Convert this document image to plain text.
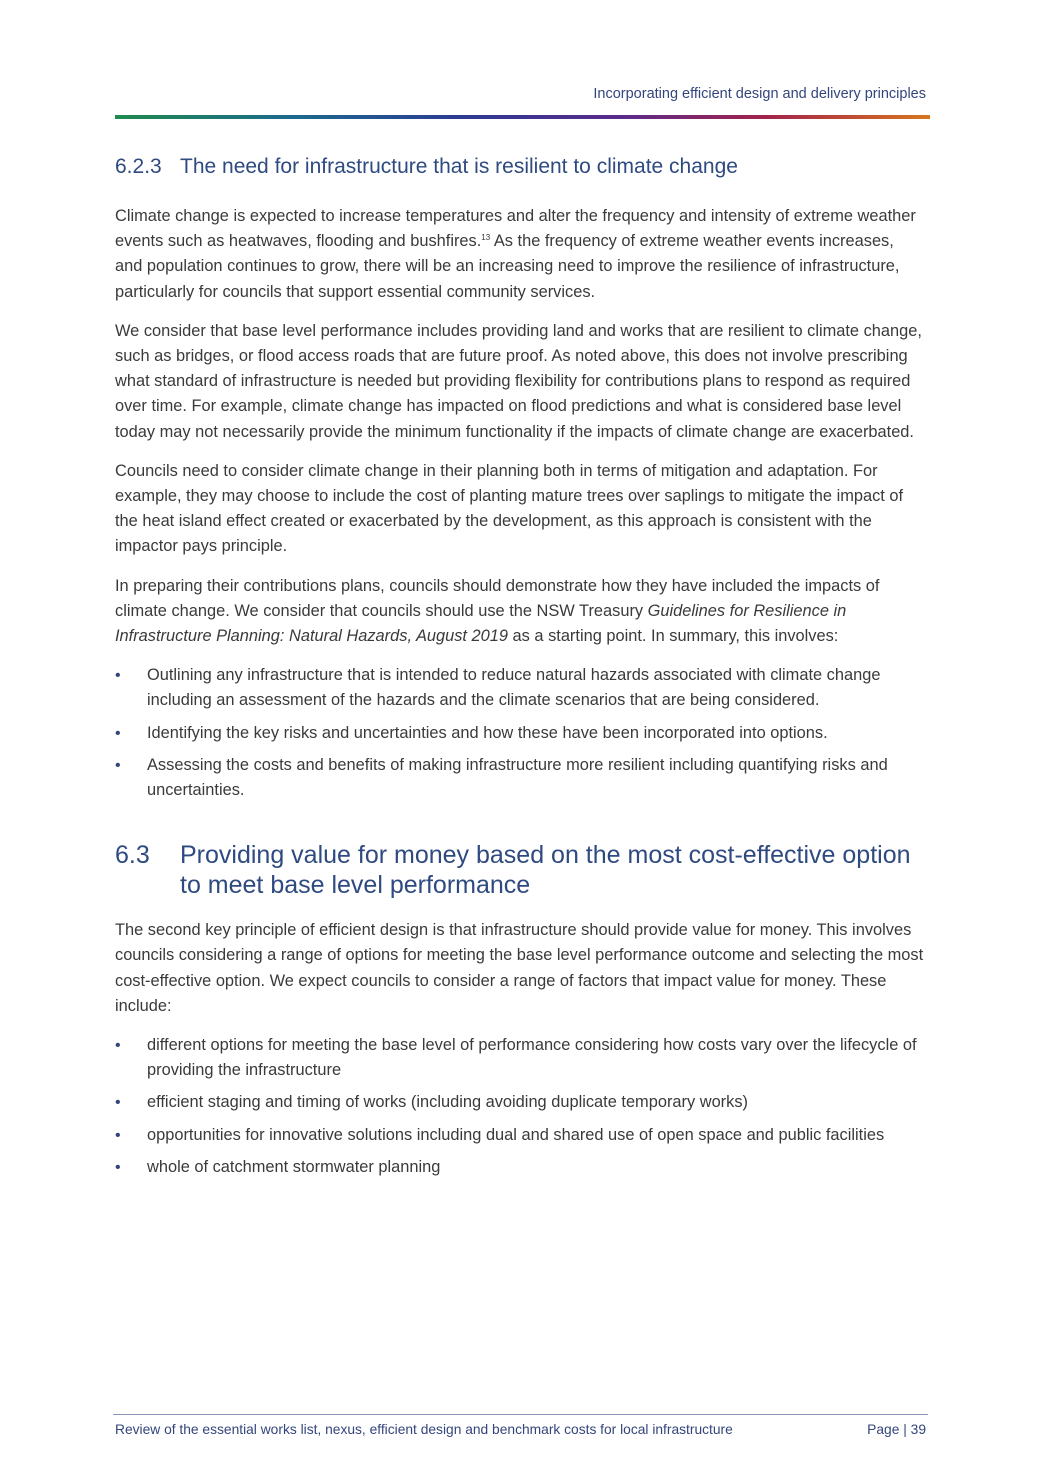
Incorporating efficient design and delivery principles
6.2.3 The need for infrastructure that is resilient to climate change

Climate change is expected to increase temperatures and alter the frequency and intensity of extreme weather events such as heatwaves, flooding and bushfires.$^{13}$ As the frequency of extreme weather events increases, and population continues to grow, there will be an increasing need to improve the resilience of infrastructure, particularly for councils that support essential community services.

We consider that base level performance includes providing land and works that are resilient to climate change, such as bridges, or flood access roads that are future proof. As noted above, this does not involve prescribing what standard of infrastructure is needed but providing flexibility for contributions plans to respond as required over time. For example, climate change has impacted on flood predictions and what is considered base level today may not necessarily provide the minimum functionality if the impacts of climate change are exacerbated.

Councils need to consider climate change in their planning both in terms of mitigation and adaptation. For example, they may choose to include the cost of planting mature trees over saplings to mitigate the impact of the heat island effect created or exacerbated by the development, as this approach is consistent with the impactor pays principle.

In preparing their contributions plans, councils should demonstrate how they have included the impacts of climate change. We consider that councils should use the NSW Treasury Guidelines for Resilience in Infrastructure Planning: Natural Hazards, August 2019 as a starting point. In summary, this involves:

• Outlining any infrastructure that is intended to reduce natural hazards associated with climate change including an assessment of the hazards and the climate scenarios that are being considered.
• Identifying the key risks and uncertainties and how these have been incorporated into options.
• Assessing the costs and benefits of making infrastructure more resilient including quantifying risks and uncertainties.
6.3	Providing value for money based on the most cost-effective option to meet base level performance

The second key principle of efficient design is that infrastructure should provide value for money. This involves councils considering a range of options for meeting the base level performance outcome and selecting the most cost-effective option. We expect councils to consider a range of factors that impact value for money. These include:

• different options for meeting the base level of performance considering how costs vary over the lifecycle of providing the infrastructure
• efficient staging and timing of works (including avoiding duplicate temporary works)
• opportunities for innovative solutions including dual and shared use of open space and public facilities
• whole of catchment stormwater planning
Review of the essential works list, nexus, efficient design and benchmark costs for local infrastructure	Page | 39
